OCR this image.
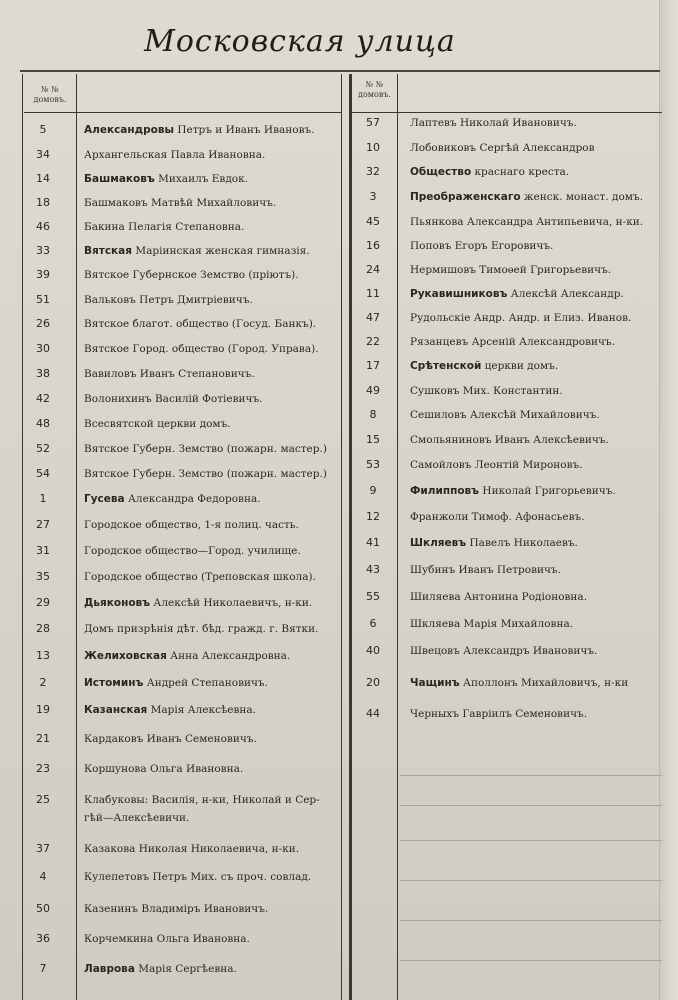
Московская улица
№ №
домовъ.
№ №
домовъ.
5	Александровы Петръ и Иванъ Ивановъ.
34	Архангельская Павла Ивановна.
14	Башмаковъ Михаилъ Евдок.
18	Башмаковъ Матвѣй Михайловичъ.
46	Бакина Пелагія Степановна.
33	Вятская Маріинская женская гимназія.
39	Вятское Губернское Земство (пріютъ).
51	Вальковъ Петръ Дмитріевичъ.
26	Вятское благот. общество (Госуд. Банкъ).
30	Вятское Город. общество (Город. Управа).
38	Вавиловъ Иванъ Степановичъ.
42	Волонихинъ Василій Фотіевичъ.
48	Всесвятской церкви домъ.
52	Вятское Губерн. Земство (пожарн. мастер.)
54	Вятское Губерн. Земство (пожарн. мастер.)
1	Гусева Александра Федоровна.
27	Городское общество, 1-я полиц. часть.
31	Городское общество—Город. училище.
35	Городское общество (Треповская школа).
29	Дьяконовъ Алексѣй Николаевичъ, н-ки.
28	Домъ призрѣнія дѣт. бѣд. гражд. г. Вятки.
13	Желиховская Анна Александровна.
2	Истоминъ Андрей Степановичъ.
19	Казанская Марія Алексѣевна.
21	Кардаковъ Иванъ Семеновичъ.
23	Коршунова Ольга Ивановна.
25	Клабуковы: Василія, н-ки, Николай и Сер-
гѣй—Алексѣевичи.
37	Казакова Николая Николаевича, н-ки.
4	Кулепетовъ Петръ Мих. съ проч. совлад.
50	Казенинъ Владиміръ Ивановичъ.
36	Корчемкина Ольга Ивановна.
7	Лаврова Марія Сергѣевна.
57	Лаптевъ Николай Ивановичъ.
10	Лобовиковъ Сергѣй Александров
32	Общество краснаго креста.
3	Преображенскаго женск. монаст. домъ.
45	Пьянкова Александра Антипьевича, н-ки.
16	Поповъ Егоръ Егоровичъ.
24	Нермишовъ Тимоѳей Григорьевичъ.
11	Рукавишниковъ Алексѣй Александр.
47	Рудольскіе Андр. Андр. и Елиз. Иванов.
22	Рязанцевъ Арсеній Александровичъ.
17	Срѣтенской церкви домъ.
49	Сушковъ Мих. Константин.
8	Сешиловъ Алексѣй Михайловичъ.
15	Смольяниновъ Иванъ Алексѣевичъ.
53	Самойловъ Леонтій Мироновъ.
9	Филипповъ Николай Григорьевичъ.
12	Франжоли Тимоф. Афонасьевъ.
41	Шкляевъ Павелъ Николаевъ.
43	Шубинъ Иванъ Петровичъ.
55	Шиляева Антонина Родіоновна.
6	Шкляева Марія Михайловна.
40	Швецовъ Александръ Ивановичъ.
20	Чащинъ Аполлонъ Михайловичъ, н-ки
44	Черныхъ Гавріилъ Семеновичъ.
